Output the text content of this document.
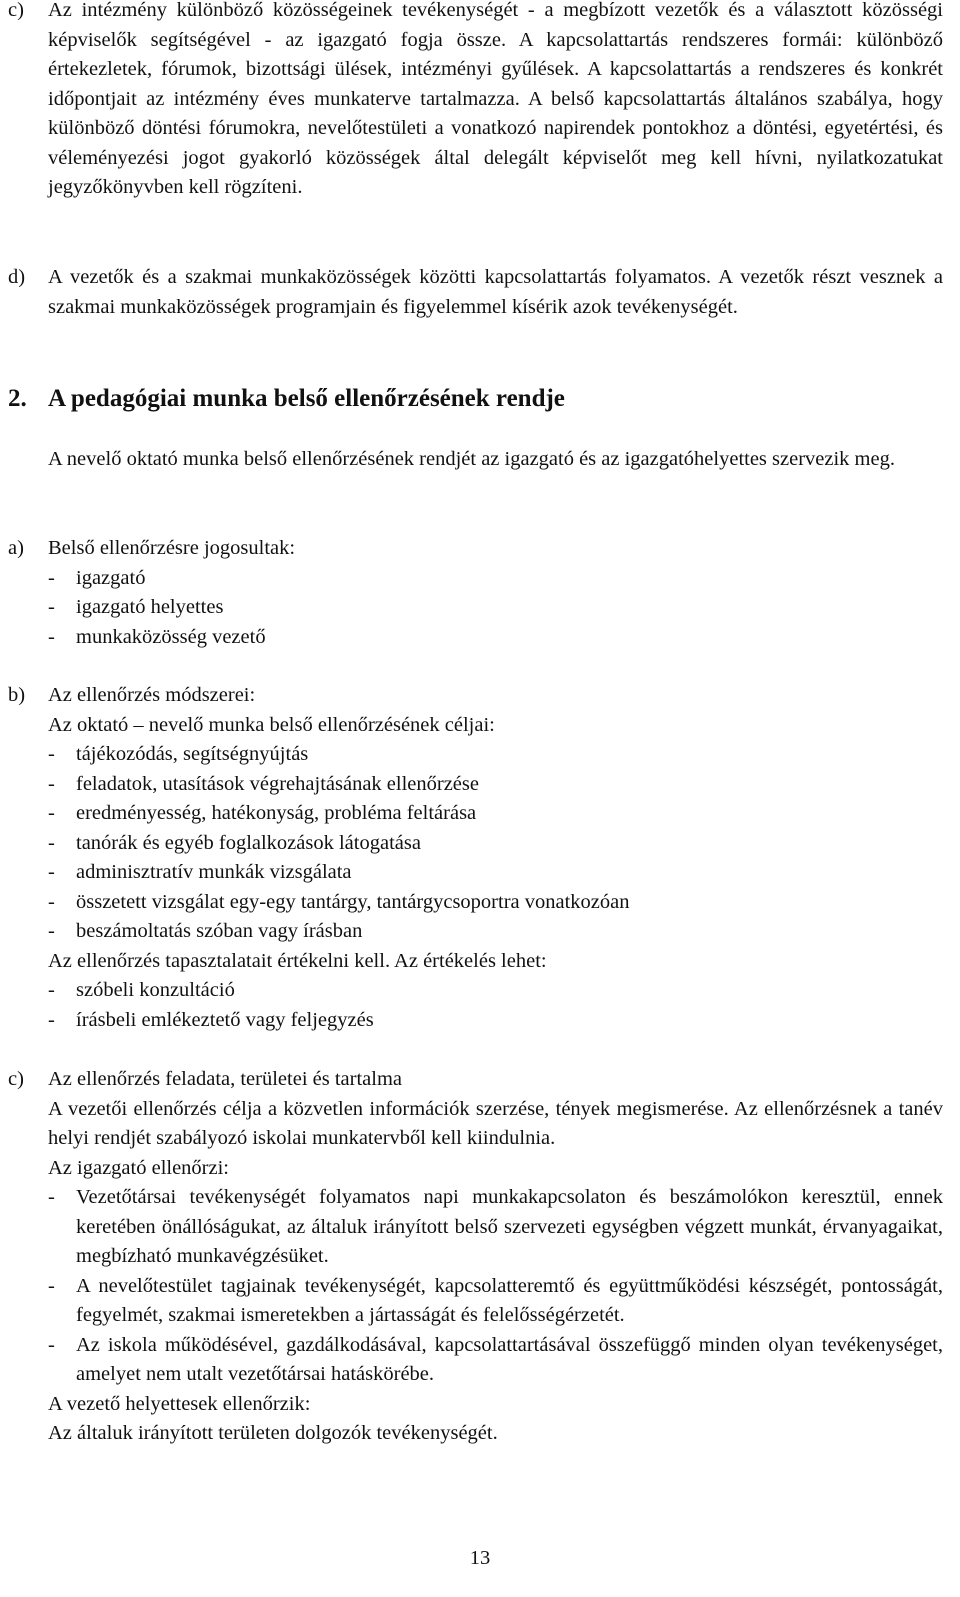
c)	Az intézmény különböző közösségeinek tevékenységét - a megbízott vezetők és a választott közösségi képviselők segítségével - az igazgató fogja össze. A kapcsolattartás rendszeres formái: különböző értekezletek, fórumok, bizottsági ülések, intézményi gyűlések. A kapcsolattartás a rendszeres és konkrét időpontjait az intézmény éves munkaterve tartalmazza. A belső kapcsolattartás általános szabálya, hogy különböző döntési fórumokra, nevelőtestületi a vonatkozó napirendek pontokhoz a döntési, egyetértési, és véleményezési jogot gyakorló közösségek által delegált képviselőt meg kell hívni, nyilatkozatukat jegyzőkönyvben kell rögzíteni.

d)	A vezetők és a szakmai munkaközösségek közötti kapcsolattartás folyamatos. A vezetők részt vesznek a szakmai munkaközösségek programjain és figyelemmel kísérik azok tevékenységét.

2. A pedagógiai munka belső ellenőrzésének rendje

A nevelő oktató munka belső ellenőrzésének rendjét az igazgató és az igazgatóhelyettes szervezik meg.

a)	Belső ellenőrzésre jogosultak:
-	igazgató
-	igazgató helyettes
-	munkaközösség vezető
b)	Az ellenőrzés módszerei:
Az oktató – nevelő munka belső ellenőrzésének céljai:
-	tájékozódás, segítségnyújtás
-	feladatok, utasítások végrehajtásának ellenőrzése
-	eredményesség, hatékonyság, probléma feltárása
-	tanórák és egyéb foglalkozások látogatása
-	adminisztratív munkák vizsgálata
-	összetett vizsgálat egy-egy tantárgy, tantárgycsoportra vonatkozóan
-	beszámoltatás szóban vagy írásban
Az ellenőrzés tapasztalatait értékelni kell. Az értékelés lehet:
-	szóbeli konzultáció
-	írásbeli emlékeztető vagy feljegyzés
c)	Az ellenőrzés feladata, területei és tartalma

A vezetői ellenőrzés célja a közvetlen információk szerzése, tények megismerése. Az ellenőrzésnek a tanév helyi rendjét szabályozó iskolai munkatervből kell kiindulnia.

Az igazgató ellenőrzi:
-	Vezetőtársai tevékenységét folyamatos napi munkakapcsolaton és beszámolókon keresztül, ennek keretében önállóságukat, az általuk irányított belső szervezeti egységben végzett munkát, érvanyagaikat, megbízható munkavégzésüket.
-	A nevelőtestület tagjainak tevékenységét, kapcsolatteremtő és együttműködési készségét, pontosságát, fegyelmét, szakmai ismeretekben a jártasságát és felelősségérzetét.
-	Az iskola működésével, gazdálkodásával, kapcsolattartásával összefüggő minden olyan tevékenységet, amelyet nem utalt vezetőtársai hatáskörébe.
A vezető helyettesek ellenőrzik:
Az általuk irányított területen dolgozók tevékenységét.
13
